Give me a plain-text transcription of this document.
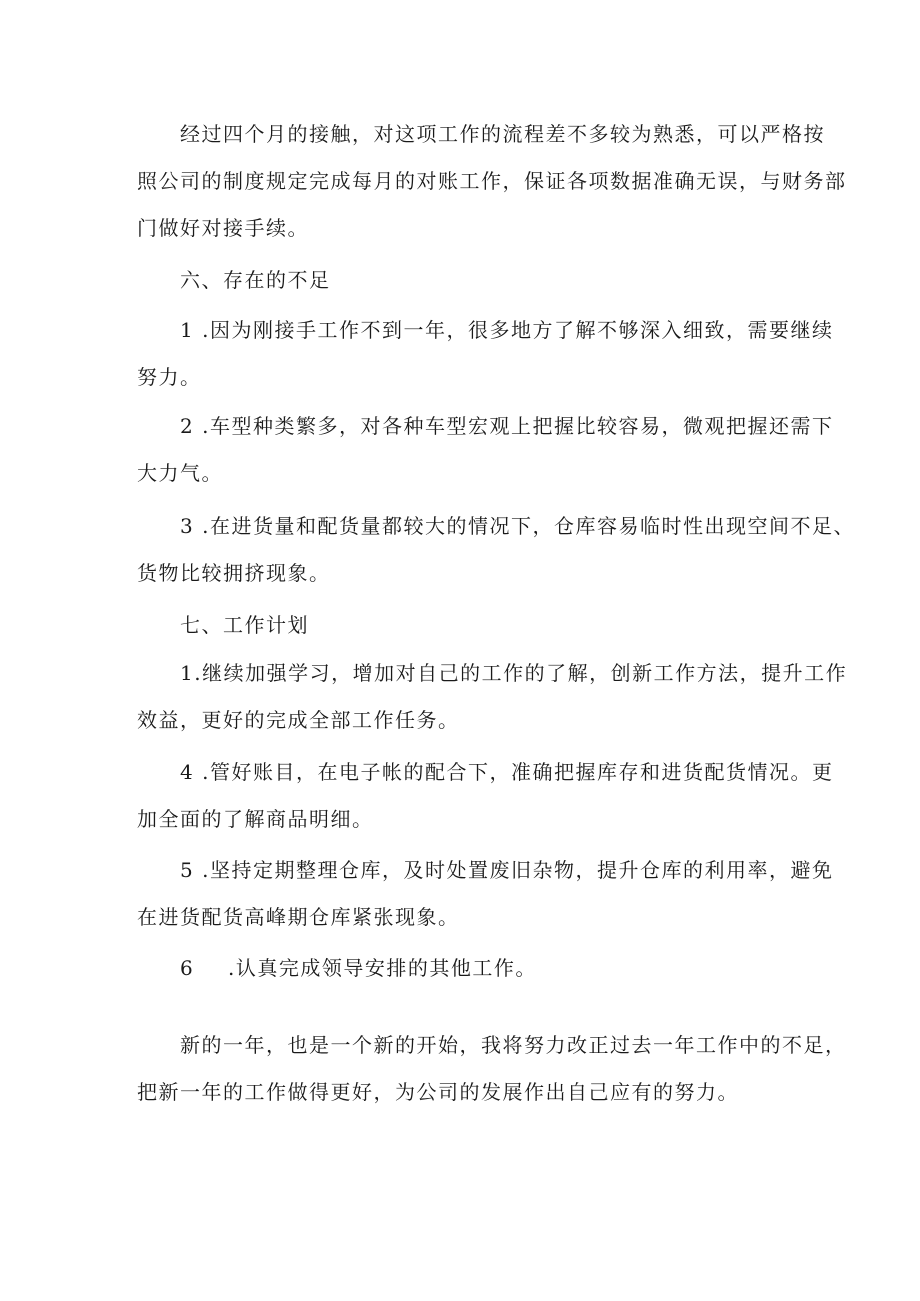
经过四个月的接触，对这项工作的流程差不多较为熟悉，可以严格按
照公司的制度规定完成每月的对账工作，保证各项数据准确无误，与财务部
门做好对接手续。
六、存在的不足
1 .因为刚接手工作不到一年，很多地方了解不够深入细致，需要继续
努力。
2 .车型种类繁多，对各种车型宏观上把握比较容易，微观把握还需下
大力气。
3 .在进货量和配货量都较大的情况下，仓库容易临时性出现空间不足、
货物比较拥挤现象。
七、工作计划
1.继续加强学习，增加对自己的工作的了解，创新工作方法，提升工作
效益，更好的完成全部工作任务。
4 .管好账目，在电子帐的配合下，准确把握库存和进货配货情况。更
加全面的了解商品明细。
5 .坚持定期整理仓库，及时处置废旧杂物，提升仓库的利用率，避免
在进货配货高峰期仓库紧张现象。
6 .认真完成领导安排的其他工作。
新的一年，也是一个新的开始，我将努力改正过去一年工作中的不足，
把新一年的工作做得更好，为公司的发展作出自己应有的努力。
